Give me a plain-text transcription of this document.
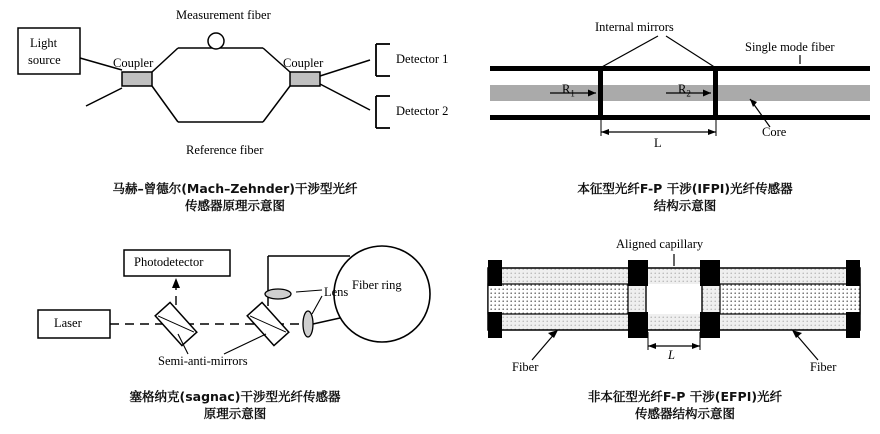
Light
source	Coupler	Coupler
Measurement fiber
Reference fiber
Detector 1
Detector 2
马赫–曾德尔(Mach–Zehnder)干涉型光纤
传感器原理示意图
Internal mirrors
Single mode fiber
Core
$R_1$	$R_2$
L
本征型光纤F-P 干涉(IFPI)光纤传感器
结构示意图
Photodetector
Laser
Lens Fiber ring
Semi-anti-mirrors
塞格纳克(sagnac)干涉型光纤传感器
原理示意图
Aligned capillary
L
Fiber	Fiber
非本征型光纤F-P 干涉(EFPI)光纤
传感器结构示意图
